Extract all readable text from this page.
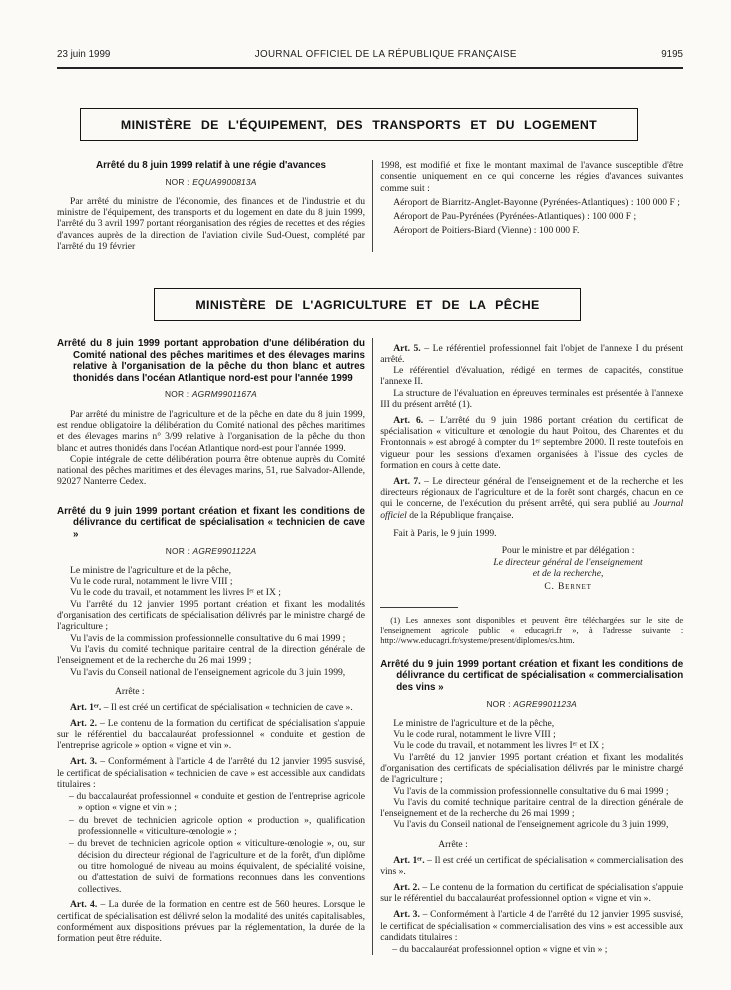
23 juin 1999	JOURNAL OFFICIEL DE LA RÉPUBLIQUE FRANÇAISE	9195
MINISTÈRE DE L'ÉQUIPEMENT, DES TRANSPORTS ET DU LOGEMENT
Arrêté du 8 juin 1999 relatif à une régie d'avances

NOR : EQUA9900813A

Par arrêté du ministre de l'économie, des finances et de l'industrie et du ministre de l'équipement, des transports et du logement en date du 8 juin 1999, l'arrêté du 3 avril 1997 portant réorganisation des régies de recettes et des régies d'avances auprès de la direction de l'aviation civile Sud-Ouest, complété par l'arrêté du 19 février

1998, est modifié et fixe le montant maximal de l'avance susceptible d'être consentie uniquement en ce qui concerne les régies d'avances suivantes comme suit :

Aéroport de Biarritz-Anglet-Bayonne (Pyrénées-Atlantiques) : 100 000 F ;

Aéroport de Pau-Pyrénées (Pyrénées-Atlantiques) : 100 000 F ;

Aéroport de Poitiers-Biard (Vienne) : 100 000 F.

MINISTÈRE DE L'AGRICULTURE ET DE LA PÊCHE
Arrêté du 8 juin 1999 portant approbation d'une délibération du Comité national des pêches maritimes et des élevages marins relative à l'organisation de la pêche du thon blanc et autres thonidés dans l'océan Atlantique nord-est pour l'année 1999

NOR : AGRM9901167A

Par arrêté du ministre de l'agriculture et de la pêche en date du 8 juin 1999, est rendue obligatoire la délibération du Comité national des pêches maritimes et des élevages marins n° 3/99 relative à l'organisation de la pêche du thon blanc et autres thonidés dans l'océan Atlantique nord-est pour l'année 1999.

Copie intégrale de cette délibération pourra être obtenue auprès du Comité national des pêches maritimes et des élevages marins, 51, rue Salvador-Allende, 92027 Nanterre Cedex.

Arrêté du 9 juin 1999 portant création et fixant les conditions de délivrance du certificat de spécialisation « technicien de cave »

NOR : AGRE9901122A

Le ministre de l'agriculture et de la pêche,

Vu le code rural, notamment le livre VIII ;

Vu le code du travail, et notamment les livres Iᵉʳ et IX ;

Vu l'arrêté du 12 janvier 1995 portant création et fixant les modalités d'organisation des certificats de spécialisation délivrés par le ministre chargé de l'agriculture ;

Vu l'avis de la commission professionnelle consultative du 6 mai 1999 ;

Vu l'avis du comité technique paritaire central de la direction générale de l'enseignement et de la recherche du 26 mai 1999 ;

Vu l'avis du Conseil national de l'enseignement agricole du 3 juin 1999,

Arrête :

Art. 1ᵉʳ. – Il est créé un certificat de spécialisation « technicien de cave ».

Art. 2. – Le contenu de la formation du certificat de spécialisation s'appuie sur le référentiel du baccalauréat professionnel « conduite et gestion de l'entreprise agricole » option « vigne et vin ».

Art. 3. – Conformément à l'article 4 de l'arrêté du 12 janvier 1995 susvisé, le certificat de spécialisation « technicien de cave » est accessible aux candidats titulaires :

– du baccalauréat professionnel « conduite et gestion de l'entreprise agricole » option « vigne et vin » ;

– du brevet de technicien agricole option « production », qualification professionnelle « viticulture-œnologie » ;

– du brevet de technicien agricole option « viticulture-œnologie », ou, sur décision du directeur régional de l'agriculture et de la forêt, d'un diplôme ou titre homologué de niveau au moins équivalent, de spécialité voisine, ou d'attestation de suivi de formations reconnues dans les conventions collectives.

Art. 4. – La durée de la formation en centre est de 560 heures. Lorsque le certificat de spécialisation est délivré selon la modalité des unités capitalisables, conformément aux dispositions prévues par la réglementation, la durée de la formation peut être réduite.

Art. 5. – Le référentiel professionnel fait l'objet de l'annexe I du présent arrêté.

Le référentiel d'évaluation, rédigé en termes de capacités, constitue l'annexe II.

La structure de l'évaluation en épreuves terminales est présentée à l'annexe III du présent arrêté (1).

Art. 6. – L'arrêté du 9 juin 1986 portant création du certificat de spécialisation « viticulture et œnologie du haut Poitou, des Charentes et du Frontonnais » est abrogé à compter du 1ᵉʳ septembre 2000. Il reste toutefois en vigueur pour les sessions d'examen organisées à l'issue des cycles de formation en cours à cette date.

Art. 7. – Le directeur général de l'enseignement et de la recherche et les directeurs régionaux de l'agriculture et de la forêt sont chargés, chacun en ce qui le concerne, de l'exécution du présent arrêté, qui sera publié au Journal officiel de la République française.

Fait à Paris, le 9 juin 1999.

Pour le ministre et par délégation :
Le directeur général de l'enseignement
et de la recherche,
C. Bernet

(1) Les annexes sont disponibles et peuvent être téléchargées sur le site de l'enseignement agricole public « educagri.fr », à l'adresse suivante : http://www.educagri.fr/systeme/present/diplomes/cs.htm.

Arrêté du 9 juin 1999 portant création et fixant les conditions de délivrance du certificat de spécialisation « commercialisation des vins »

NOR : AGRE9901123A

Le ministre de l'agriculture et de la pêche,

Vu le code rural, notamment le livre VIII ;

Vu le code du travail, et notamment les livres Iᵉʳ et IX ;

Vu l'arrêté du 12 janvier 1995 portant création et fixant les modalités d'organisation des certificats de spécialisation délivrés par le ministre chargé de l'agriculture ;

Vu l'avis de la commission professionnelle consultative du 6 mai 1999 ;

Vu l'avis du comité technique paritaire central de la direction générale de l'enseignement et de la recherche du 26 mai 1999 ;

Vu l'avis du Conseil national de l'enseignement agricole du 3 juin 1999,

Arrête :

Art. 1ᵉʳ. – Il est créé un certificat de spécialisation « commercialisation des vins ».

Art. 2. – Le contenu de la formation du certificat de spécialisation s'appuie sur le référentiel du baccalauréat professionnel option « vigne et vin ».

Art. 3. – Conformément à l'article 4 de l'arrêté du 12 janvier 1995 susvisé, le certificat de spécialisation « commercialisation des vins » est accessible aux candidats titulaires :

– du baccalauréat professionnel option « vigne et vin » ;
